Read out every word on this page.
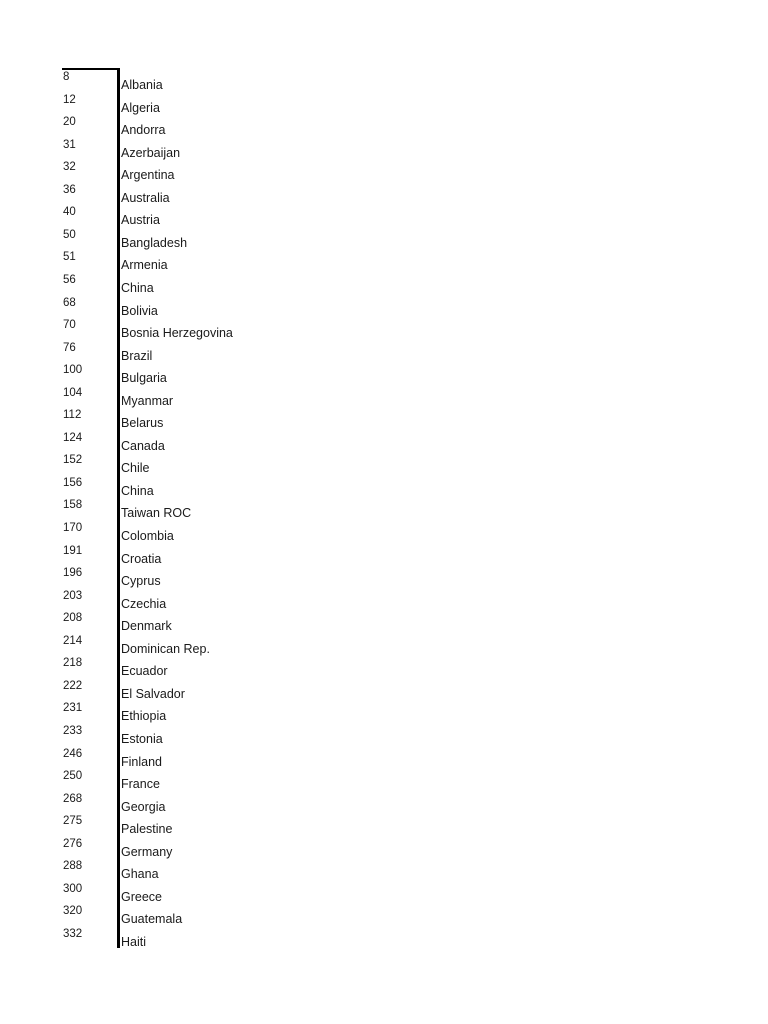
8
Albania
12
Algeria
20
Andorra
31
Azerbaijan
32
Argentina
36
Australia
40
Austria
50
Bangladesh
51
Armenia
56
China
68
Bolivia
70
Bosnia Herzegovina
76
Brazil
100
Bulgaria
104
Myanmar
112
Belarus
124
Canada
152
Chile
156
China
158
Taiwan ROC
170
Colombia
191
Croatia
196
Cyprus
203
Czechia
208
Denmark
214
Dominican Rep.
218
Ecuador
222
El Salvador
231
Ethiopia
233
Estonia
246
Finland
250
France
268
Georgia
275
Palestine
276
Germany
288
Ghana
300
Greece
320
Guatemala
332
Haiti
